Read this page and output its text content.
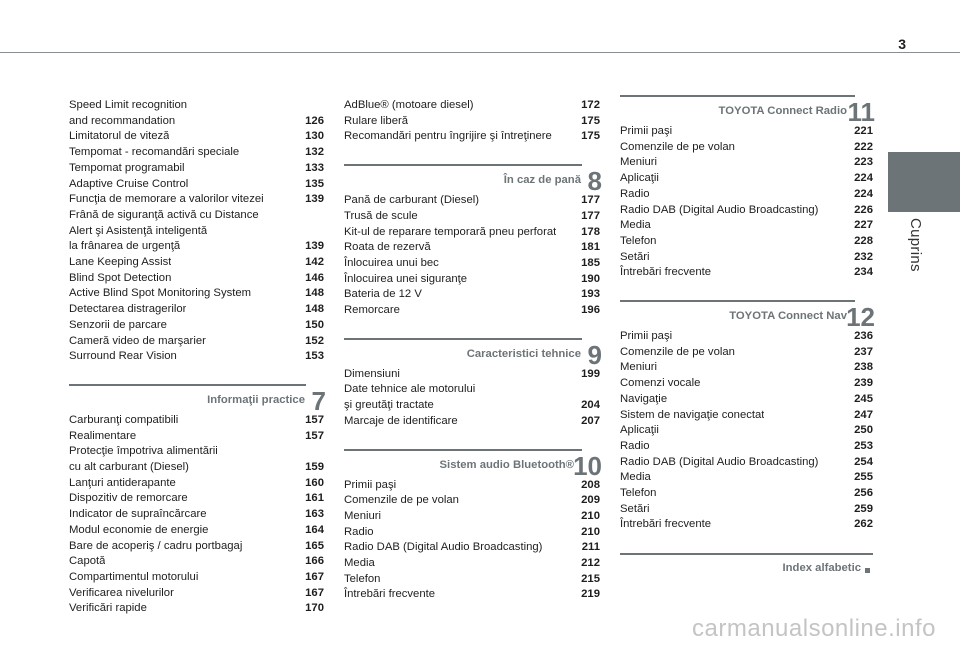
3
Cuprins
Speed Limit recognition
and recommandation	126
Limitatorul de viteză	130
Tempomat - recomandări speciale	132
Tempomat programabil	133
Adaptive Cruise Control	135
Funcţia de memorare a valorilor vitezei	139
Frână de siguranţă activă cu Distance
Alert şi Asistenţă inteligentă
la frânarea de urgenţă	139
Lane Keeping Assist	142
Blind Spot Detection	146
Active Blind Spot Monitoring System	148
Detectarea distragerilor	148
Senzorii de parcare	150
Cameră video de marşarier	152
Surround Rear Vision	153
Informaţii practice 7
Carburanţi compatibili	157
Realimentare	157
Protecţie împotriva alimentării
cu alt carburant (Diesel)	159
Lanţuri antiderapante	160
Dispozitiv de remorcare	161
Indicator de supraîncărcare	163
Modul economie de energie	164
Bare de acoperiş / cadru portbagaj	165
Capotă	166
Compartimentul motorului	167
Verificarea nivelurilor	167
Verificări rapide	170
AdBlue® (motoare diesel)	172
Rulare liberă	175
Recomandări pentru îngrijire şi întreţinere	175
În caz de pană 8
Pană de carburant (Diesel)	177
Trusă de scule	177
Kit-ul de reparare temporară pneu perforat	178
Roata de rezervă	181
Înlocuirea unui bec	185
Înlocuirea unei siguranţe	190
Bateria de 12 V	193
Remorcare	196
Caracteristici tehnice 9
Dimensiuni	199
Date tehnice ale motorului
şi greutăţi tractate	204
Marcaje de identificare	207
Sistem audio Bluetooth® 10
Primii paşi	208
Comenzile de pe volan	209
Meniuri	210
Radio	210
Radio DAB (Digital Audio Broadcasting)	211
Media	212
Telefon	215
Întrebări frecvente	219
TOYOTA Connect Radio 11
Primii paşi	221
Comenzile de pe volan	222
Meniuri	223
Aplicaţii	224
Radio	224
Radio DAB (Digital Audio Broadcasting)	226
Media	227
Telefon	228
Setări	232
Întrebări frecvente	234
TOYOTA Connect Nav 12
Primii paşi	236
Comenzile de pe volan	237
Meniuri	238
Comenzi vocale	239
Navigaţie	245
Sistem de navigaţie conectat	247
Aplicaţii	250
Radio	253
Radio DAB (Digital Audio Broadcasting)	254
Media	255
Telefon	256
Setări	259
Întrebări frecvente	262
Index alfabetic
carmanualsonline.info
